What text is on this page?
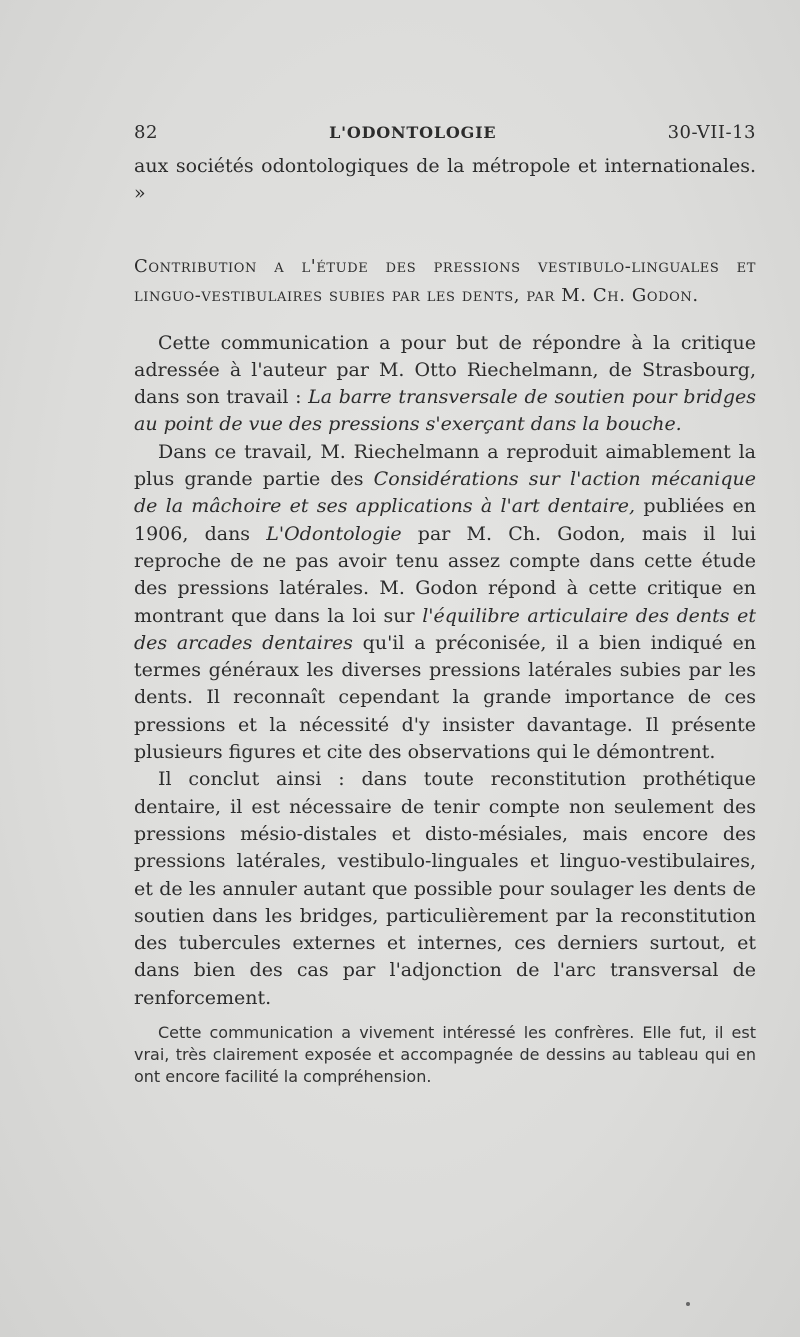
82	L'ODONTOLOGIE	30-VII-13

aux sociétés odontologiques de la métropole et internationales. »

Contribution a l'étude des pressions vestibulo-linguales et linguo-vestibulaires subies par les dents, par M. Ch. Godon.

Cette communication a pour but de répondre à la critique adressée à l'auteur par M. Otto Riechelmann, de Strasbourg, dans son travail : La barre transversale de soutien pour bridges au point de vue des pressions s'exerçant dans la bouche.

Dans ce travail, M. Riechelmann a reproduit aimablement la plus grande partie des Considérations sur l'action mécanique de la mâchoire et ses applications à l'art dentaire, publiées en 1906, dans L'Odontologie par M. Ch. Godon, mais il lui reproche de ne pas avoir tenu assez compte dans cette étude des pressions latérales. M. Godon répond à cette critique en montrant que dans la loi sur l'équilibre articulaire des dents et des arcades dentaires qu'il a préconisée, il a bien indiqué en termes généraux les diverses pressions latérales subies par les dents. Il reconnaît cependant la grande importance de ces pressions et la nécessité d'y insister davantage. Il présente plusieurs figures et cite des observations qui le démontrent.

Il conclut ainsi : dans toute reconstitution prothétique dentaire, il est nécessaire de tenir compte non seulement des pressions mésio-distales et disto-mésiales, mais encore des pressions latérales, vestibulo-linguales et linguo-vestibulaires, et de les annuler autant que possible pour soulager les dents de soutien dans les bridges, particulièrement par la reconstitution des tubercules externes et internes, ces derniers surtout, et dans bien des cas par l'adjonction de l'arc transversal de renforcement.

Cette communication a vivement intéressé les confrères. Elle fut, il est vrai, très clairement exposée et accompagnée de dessins au tableau qui en ont encore facilité la compréhension.
